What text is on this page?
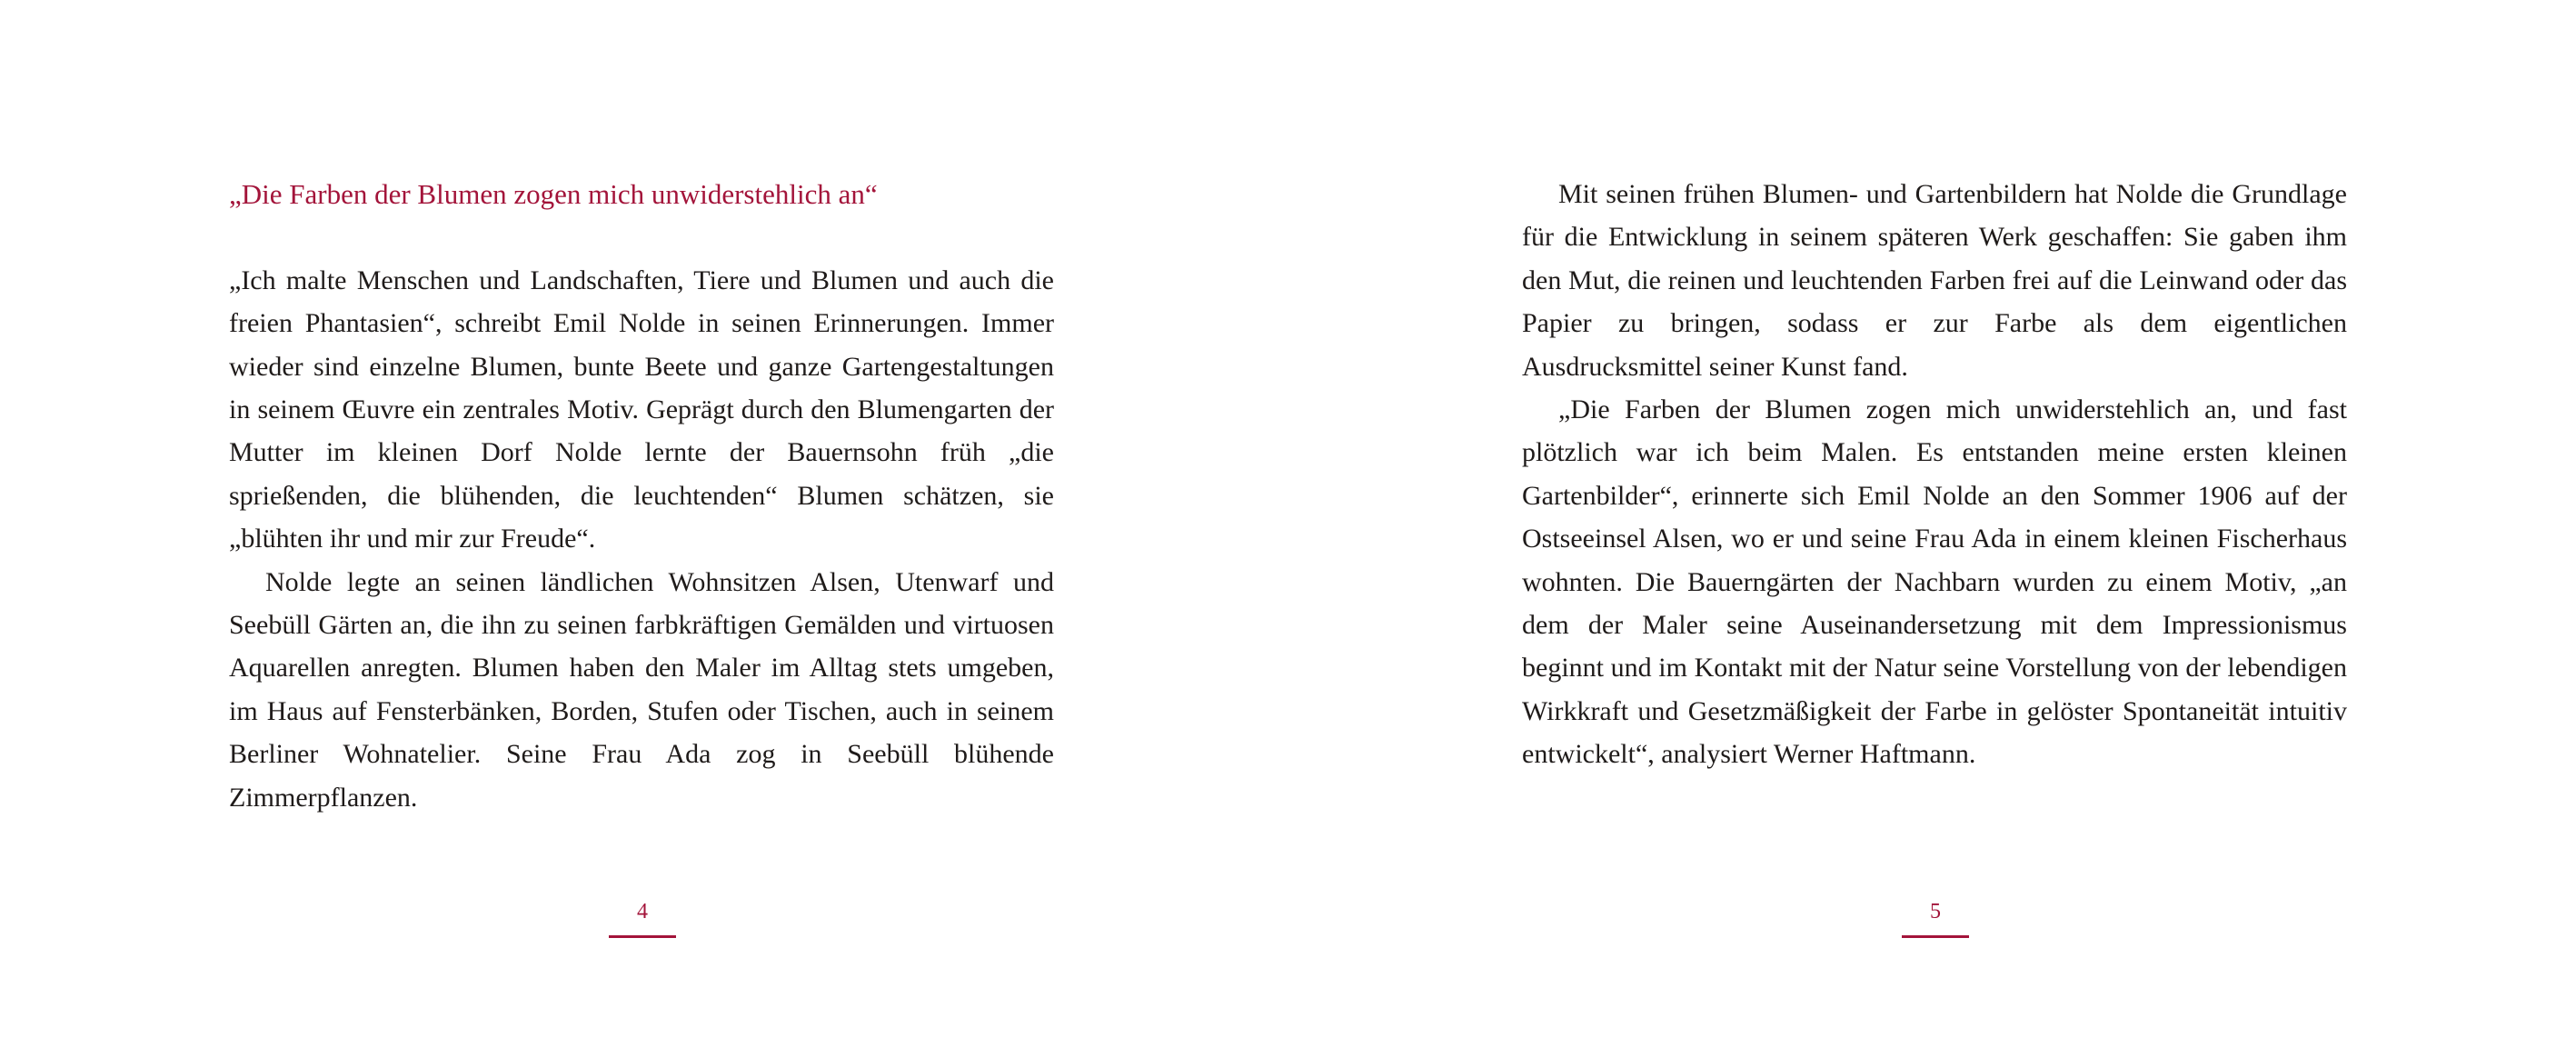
„Die Farben der Blumen zogen mich unwiderstehlich an“

„Ich malte Menschen und Landschaften, Tiere und Blumen und auch die freien Phantasien“, schreibt Emil Nolde in seinen Erinnerungen. Immer wieder sind einzelne Blumen, bunte Beete und ganze Gartengestaltungen in seinem Œuvre ein zentrales Motiv. Geprägt durch den Blumengarten der Mutter im kleinen Dorf Nolde lernte der Bauernsohn früh „die sprießenden, die blühenden, die leuchtenden“ Blumen schätzen, sie „blühten ihr und mir zur Freude“.

Nolde legte an seinen ländlichen Wohnsitzen Alsen, Utenwarf und Seebüll Gärten an, die ihn zu seinen farbkräftigen Gemälden und virtuosen Aquarellen anregten. Blumen haben den Maler im Alltag stets umgeben, im Haus auf Fensterbänken, Borden, Stufen oder Tischen, auch in seinem Berliner Wohnatelier. Seine Frau Ada zog in Seebüll blühende Zimmerpflanzen.

4

Mit seinen frühen Blumen- und Gartenbildern hat Nolde die Grundlage für die Entwicklung in seinem späteren Werk geschaffen: Sie gaben ihm den Mut, die reinen und leuchtenden Farben frei auf die Leinwand oder das Papier zu bringen, sodass er zur Farbe als dem eigentlichen Ausdrucksmittel seiner Kunst fand.

„Die Farben der Blumen zogen mich unwiderstehlich an, und fast plötzlich war ich beim Malen. Es entstanden meine ersten kleinen Gartenbilder“, erinnerte sich Emil Nolde an den Sommer 1906 auf der Ostseeinsel Alsen, wo er und seine Frau Ada in einem kleinen Fischerhaus wohnten. Die Bauerngärten der Nachbarn wurden zu einem Motiv, „an dem der Maler seine Auseinandersetzung mit dem Impressionismus beginnt und im Kontakt mit der Natur seine Vorstellung von der lebendigen Wirkkraft und Gesetzmäßigkeit der Farbe in gelöster Spontaneität intuitiv entwickelt“, analysiert Werner Haftmann.

5
